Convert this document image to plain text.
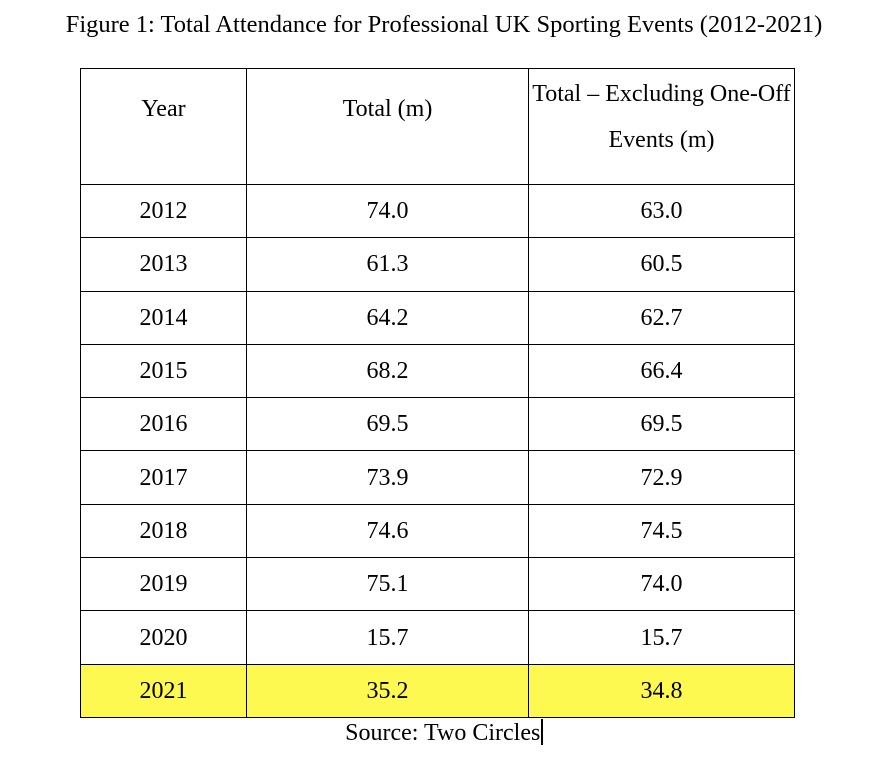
Figure 1: Total Attendance for Professional UK Sporting Events (2012-2021)
Year	Total (m)	Total – Excluding One-Off Events (m)
2012	74.0	63.0
2013	61.3	60.5
2014	64.2	62.7
2015	68.2	66.4
2016	69.5	69.5
2017	73.9	72.9
2018	74.6	74.5
2019	75.1	74.0
2020	15.7	15.7
2021	35.2	34.8
Source: Two Circles
